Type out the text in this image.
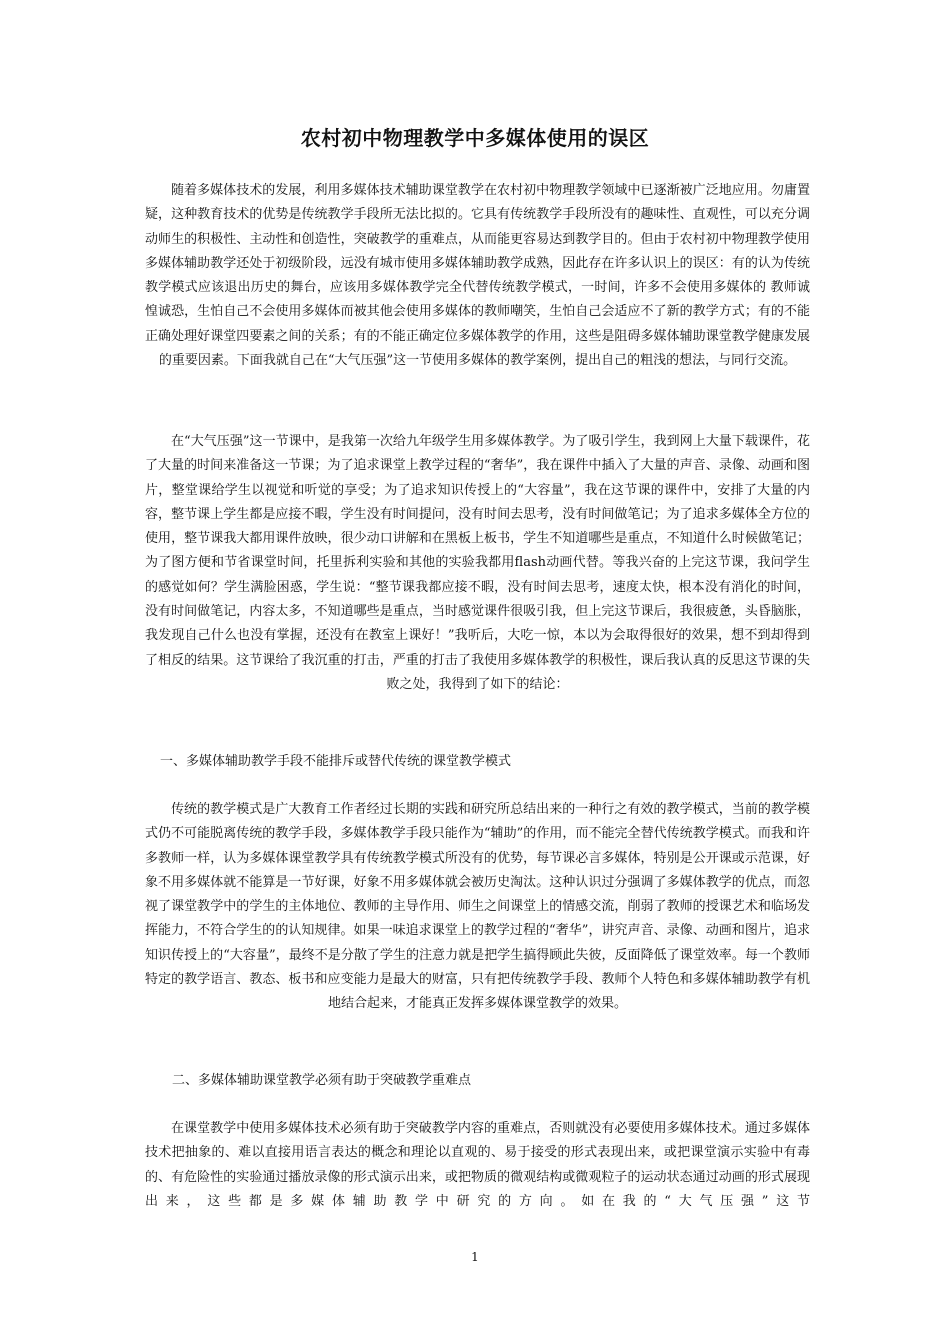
农村初中物理教学中多媒体使用的误区

随着多媒体技术的发展，利用多媒体技术辅助课堂教学在农村初中物理教学领域中已逐渐被广泛地应用。勿庸置疑，这种教育技术的优势是传统教学手段所无法比拟的。它具有传统教学手段所没有的趣味性、直观性，可以充分调动师生的积极性、主动性和创造性，突破教学的重难点，从而能更容易达到教学目的。但由于农村初中物理教学使用多媒体辅助教学还处于初级阶段，远没有城市使用多媒体辅助教学成熟，因此存在许多认识上的误区：有的认为传统教学模式应该退出历史的舞台，应该用多媒体教学完全代替传统教学模式，一时间，许多不会使用多媒体的 教师诚惶诚恐，生怕自己不会使用多媒体而被其他会使用多媒体的教师嘲笑，生怕自己会适应不了新的教学方式；有的不能正确处理好课堂四要素之间的关系；有的不能正确定位多媒体教学的作用，这些是阻碍多媒体辅助课堂教学健康发展的重要因素。下面我就自己在“大气压强”这一节使用多媒体的教学案例，提出自己的粗浅的想法，与同行交流。

在“大气压强”这一节课中，是我第一次给九年级学生用多媒体教学。为了吸引学生，我到网上大量下载课件，花了大量的时间来准备这一节课；为了追求课堂上教学过程的“奢华”，我在课件中插入了大量的声音、录像、动画和图片，整堂课给学生以视觉和听觉的享受；为了追求知识传授上的“大容量”，我在这节课的课件中，安排了大量的内容，整节课上学生都是应接不暇，学生没有时间提问，没有时间去思考，没有时间做笔记；为了追求多媒体全方位的使用，整节课我大都用课件放映，很少动口讲解和在黑板上板书，学生不知道哪些是重点，不知道什么时候做笔记；为了图方便和节省课堂时间，托里拆利实验和其他的实验我都用flash动画代替。等我兴奋的上完这节课，我问学生的感觉如何？学生满脸困惑，学生说：“整节课我都应接不暇，没有时间去思考，速度太快，根本没有消化的时间，没有时间做笔记，内容太多，不知道哪些是重点，当时感觉课件很吸引我，但上完这节课后，我很疲惫，头昏脑胀，我发现自己什么也没有掌握，还没有在教室上课好！”我听后，大吃一惊，本以为会取得很好的效果，想不到却得到了相反的结果。这节课给了我沉重的打击，严重的打击了我使用多媒体教学的积极性，课后我认真的反思这节课的失败之处，我得到了如下的结论：

一、多媒体辅助教学手段不能排斥或替代传统的课堂教学模式

传统的教学模式是广大教育工作者经过长期的实践和研究所总结出来的一种行之有效的教学模式，当前的教学模式仍不可能脱离传统的教学手段，多媒体教学手段只能作为“辅助”的作用，而不能完全替代传统教学模式。而我和许多教师一样，认为多媒体课堂教学具有传统教学模式所没有的优势，每节课必言多媒体，特别是公开课或示范课，好象不用多媒体就不能算是一节好课，好象不用多媒体就会被历史淘汰。这种认识过分强调了多媒体教学的优点，而忽视了课堂教学中的学生的主体地位、教师的主导作用、师生之间课堂上的情感交流，削弱了教师的授课艺术和临场发挥能力，不符合学生的的认知规律。如果一味追求课堂上的教学过程的“奢华”，讲究声音、录像、动画和图片，追求知识传授上的“大容量”，最终不是分散了学生的注意力就是把学生搞得顾此失彼，反面降低了课堂效率。每一个教师特定的教学语言、教态、板书和应变能力是最大的财富，只有把传统教学手段、教师个人特色和多媒体辅助教学有机地结合起来，才能真正发挥多媒体课堂教学的效果。

二、多媒体辅助课堂教学必须有助于突破教学重难点

在课堂教学中使用多媒体技术必须有助于突破教学内容的重难点，否则就没有必要使用多媒体技术。通过多媒体技术把抽象的、难以直接用语言表达的概念和理论以直观的、易于接受的形式表现出来，或把课堂演示实验中有毒的、有危险性的实验通过播放录像的形式演示出来，或把物质的微观结构或微观粒子的运动状态通过动画的形式展现出来，这些都是多媒体辅助教学中研究的方向。如在我的“大气压强”这节

1
